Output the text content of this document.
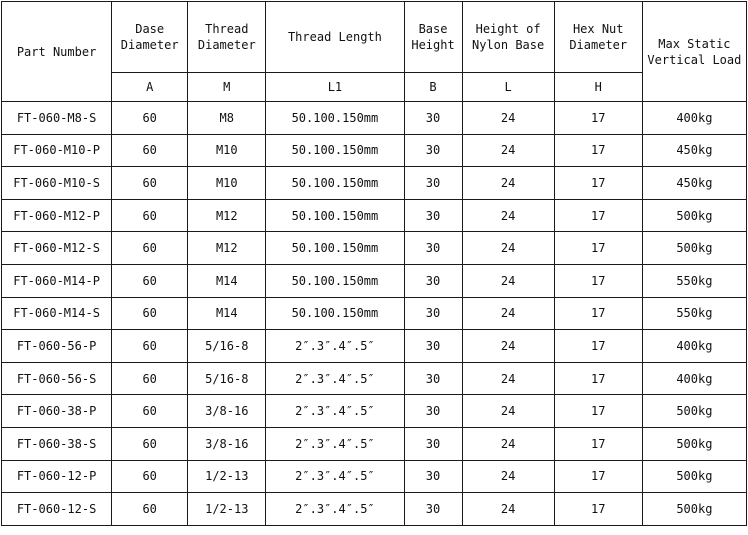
Part Number	Dase Diameter	Thread Diameter	Thread Length	Base Height	Height of Nylon Base	Hex Nut Diameter	Max Static Vertical Load
	A	M	L1	B	L	H	
FT-060-M8-S	60	M8	50.100.150mm	30	24	17	400kg
FT-060-M10-P	60	M10	50.100.150mm	30	24	17	450kg
FT-060-M10-S	60	M10	50.100.150mm	30	24	17	450kg
FT-060-M12-P	60	M12	50.100.150mm	30	24	17	500kg
FT-060-M12-S	60	M12	50.100.150mm	30	24	17	500kg
FT-060-M14-P	60	M14	50.100.150mm	30	24	17	550kg
FT-060-M14-S	60	M14	50.100.150mm	30	24	17	550kg
FT-060-56-P	60	5/16-8	2″.3″.4″.5″	30	24	17	400kg
FT-060-56-S	60	5/16-8	2″.3″.4″.5″	30	24	17	400kg
FT-060-38-P	60	3/8-16	2″.3″.4″.5″	30	24	17	500kg
FT-060-38-S	60	3/8-16	2″.3″.4″.5″	30	24	17	500kg
FT-060-12-P	60	1/2-13	2″.3″.4″.5″	30	24	17	500kg
FT-060-12-S	60	1/2-13	2″.3″.4″.5″	30	24	17	500kg
